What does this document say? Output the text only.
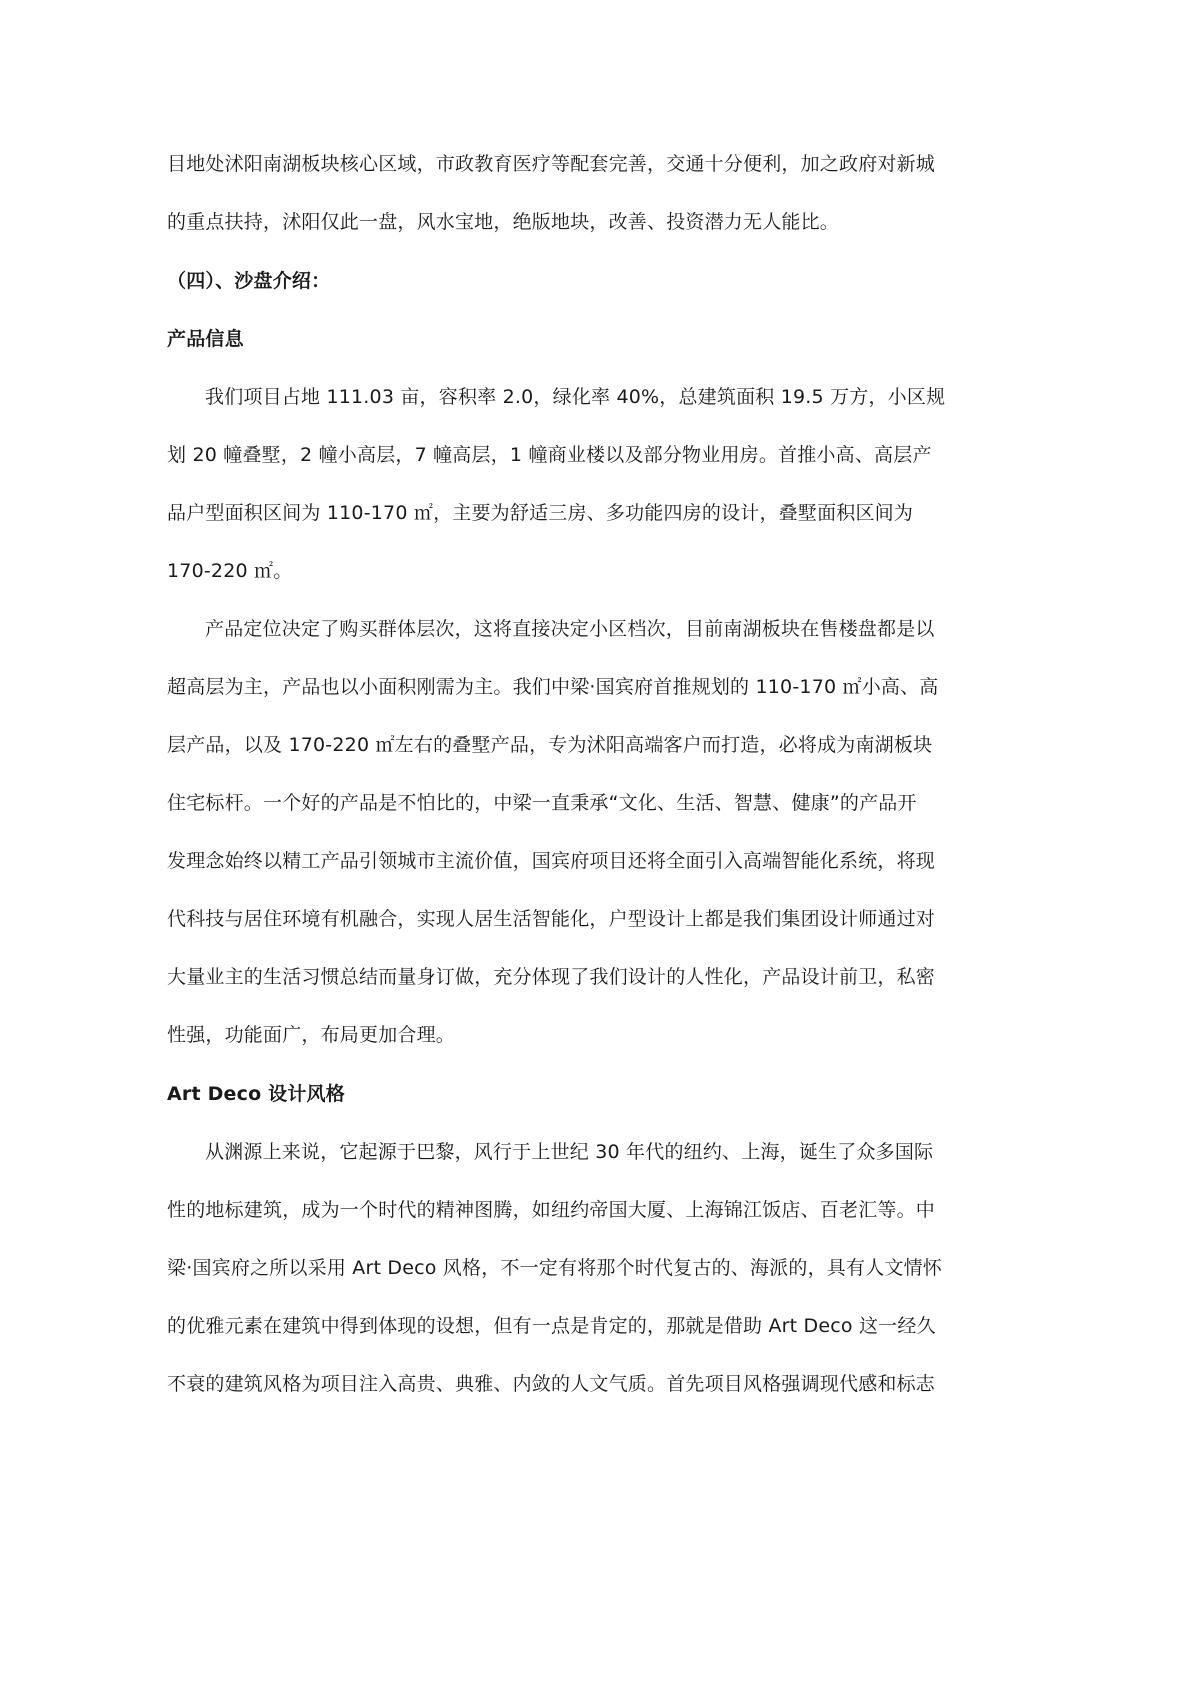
目地处沭阳南湖板块核心区域，市政教育医疗等配套完善，交通十分便利，加之政府对新城
的重点扶持，沭阳仅此一盘，风水宝地，绝版地块，改善、投资潜力无人能比。
（四）、沙盘介绍：
产品信息
我们项目占地 111.03 亩，容积率 2.0，绿化率 40%，总建筑面积 19.5 万方，小区规
划 20 幢叠墅，2 幢小高层，7 幢高层，1 幢商业楼以及部分物业用房。首推小高、高层产
品户型面积区间为 110-170 ㎡，主要为舒适三房、多功能四房的设计，叠墅面积区间为
170-220 ㎡。
产品定位决定了购买群体层次，这将直接决定小区档次，目前南湖板块在售楼盘都是以
超高层为主，产品也以小面积刚需为主。我们中梁·国宾府首推规划的 110-170 ㎡小高、高
层产品，以及 170-220 ㎡左右的叠墅产品，专为沭阳高端客户而打造，必将成为南湖板块
住宅标杆。一个好的产品是不怕比的，中梁一直秉承“文化、生活、智慧、健康”的产品开
发理念始终以精工产品引领城市主流价值，国宾府项目还将全面引入高端智能化系统，将现
代科技与居住环境有机融合，实现人居生活智能化，户型设计上都是我们集团设计师通过对
大量业主的生活习惯总结而量身订做，充分体现了我们设计的人性化，产品设计前卫，私密
性强，功能面广，布局更加合理。
Art Deco 设计风格
从渊源上来说，它起源于巴黎，风行于上世纪 30 年代的纽约、上海，诞生了众多国际
性的地标建筑，成为一个时代的精神图腾，如纽约帝国大厦、上海锦江饭店、百老汇等。中
梁·国宾府之所以采用 Art Deco 风格，不一定有将那个时代复古的、海派的，具有人文情怀
的优雅元素在建筑中得到体现的设想，但有一点是肯定的，那就是借助 Art Deco 这一经久
不衰的建筑风格为项目注入高贵、典雅、内敛的人文气质。首先项目风格强调现代感和标志
